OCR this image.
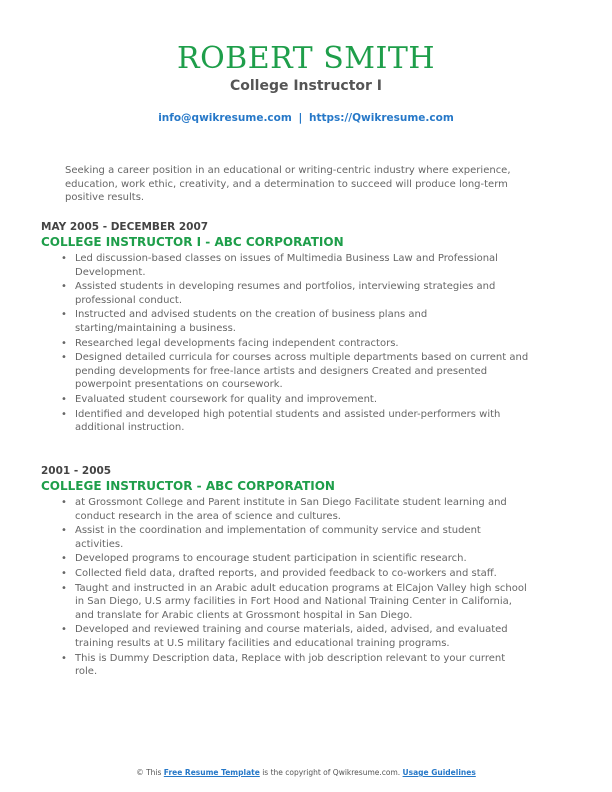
ROBERT SMITH
College Instructor I
info@qwikresume.com | https://Qwikresume.com
Seeking a career position in an educational or writing-centric industry where experience, education, work ethic, creativity, and a determination to succeed will produce long-term positive results.
MAY 2005 - DECEMBER 2007
COLLEGE INSTRUCTOR I - ABC CORPORATION
• Led discussion-based classes on issues of Multimedia Business Law and Professional Development.
• Assisted students in developing resumes and portfolios, interviewing strategies and professional conduct.
• Instructed and advised students on the creation of business plans and starting/maintaining a business.
• Researched legal developments facing independent contractors.
• Designed detailed curricula for courses across multiple departments based on current and pending developments for free-lance artists and designers Created and presented powerpoint presentations on coursework.
• Evaluated student coursework for quality and improvement.
• Identified and developed high potential students and assisted under-performers with additional instruction.
2001 - 2005
COLLEGE INSTRUCTOR - ABC CORPORATION
• at Grossmont College and Parent institute in San Diego Facilitate student learning and conduct research in the area of science and cultures.
• Assist in the coordination and implementation of community service and student activities.
• Developed programs to encourage student participation in scientific research.
• Collected field data, drafted reports, and provided feedback to co-workers and staff.
• Taught and instructed in an Arabic adult education programs at ElCajon Valley high school in San Diego, U.S army facilities in Fort Hood and National Training Center in California, and translate for Arabic clients at Grossmont hospital in San Diego.
• Developed and reviewed training and course materials, aided, advised, and evaluated training results at U.S military facilities and educational training programs.
• This is Dummy Description data, Replace with job description relevant to your current role.
© This Free Resume Template is the copyright of Qwikresume.com. Usage Guidelines
